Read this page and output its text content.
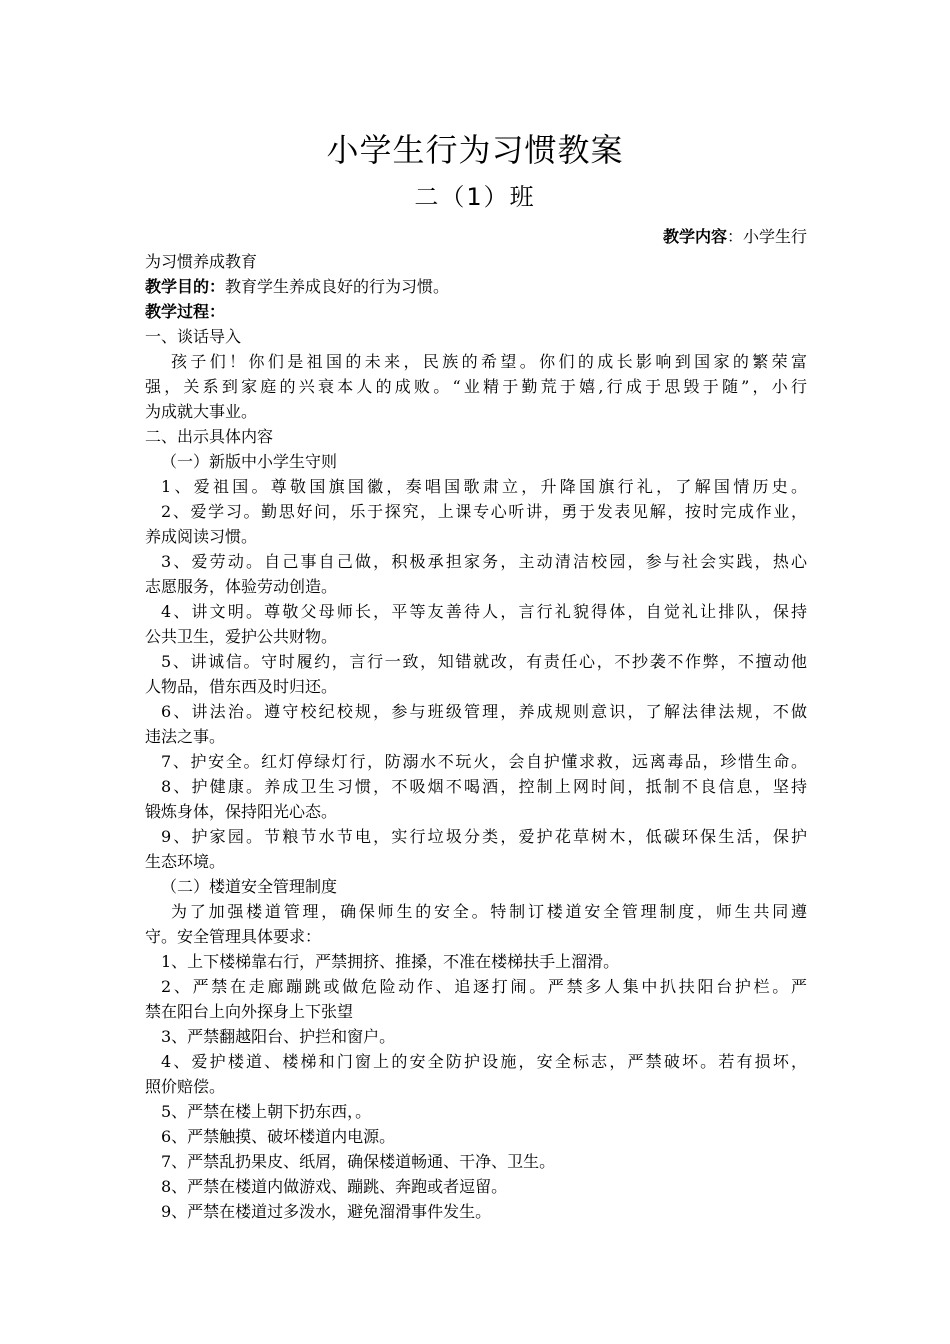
小学生行为习惯教案
二（1）班
教学内容：小学生行
为习惯养成教育
教学目的：教育学生养成良好的行为习惯。
教学过程：
一、谈话导入
孩子们！你们是祖国的未来，民族的希望。你们的成长影响到国家的繁荣富
强，关系到家庭的兴衰本人的成败。“业精于勤荒于嬉,行成于思毁于随”，小行
为成就大事业。
二、出示具体内容
（一）新版中小学生守则
1、爱祖国。尊敬国旗国徽，奏唱国歌肃立，升降国旗行礼，了解国情历史。
2、爱学习。勤思好问，乐于探究，上课专心听讲，勇于发表见解，按时完成作业，
养成阅读习惯。
3、爱劳动。自己事自己做，积极承担家务，主动清洁校园，参与社会实践，热心
志愿服务，体验劳动创造。
4、讲文明。尊敬父母师长，平等友善待人，言行礼貌得体，自觉礼让排队，保持
公共卫生，爱护公共财物。
5、讲诚信。守时履约，言行一致，知错就改，有责任心，不抄袭不作弊，不擅动他
人物品，借东西及时归还。
6、讲法治。遵守校纪校规，参与班级管理，养成规则意识，了解法律法规，不做
违法之事。
7、护安全。红灯停绿灯行，防溺水不玩火，会自护懂求救，远离毒品，珍惜生命。
8、护健康。养成卫生习惯，不吸烟不喝酒，控制上网时间，抵制不良信息，坚持
锻炼身体，保持阳光心态。
9、护家园。节粮节水节电，实行垃圾分类，爱护花草树木，低碳环保生活，保护
生态环境。
（二）楼道安全管理制度
为了加强楼道管理，确保师生的安全。特制订楼道安全管理制度，师生共同遵
守。安全管理具体要求：
1、上下楼梯靠右行，严禁拥挤、推搡，不准在楼梯扶手上溜滑。
2、严禁在走廊蹦跳或做危险动作、追逐打闹。严禁多人集中扒扶阳台护栏。严
禁在阳台上向外探身上下张望
3、严禁翻越阳台、护拦和窗户。
4、爱护楼道、楼梯和门窗上的安全防护设施，安全标志，严禁破坏。若有损坏，
照价赔偿。
5、严禁在楼上朝下扔东西，。
6、严禁触摸、破坏楼道内电源。
7、严禁乱扔果皮、纸屑，确保楼道畅通、干净、卫生。
8、严禁在楼道内做游戏、蹦跳、奔跑或者逗留。
9、严禁在楼道过多泼水，避免溜滑事件发生。
